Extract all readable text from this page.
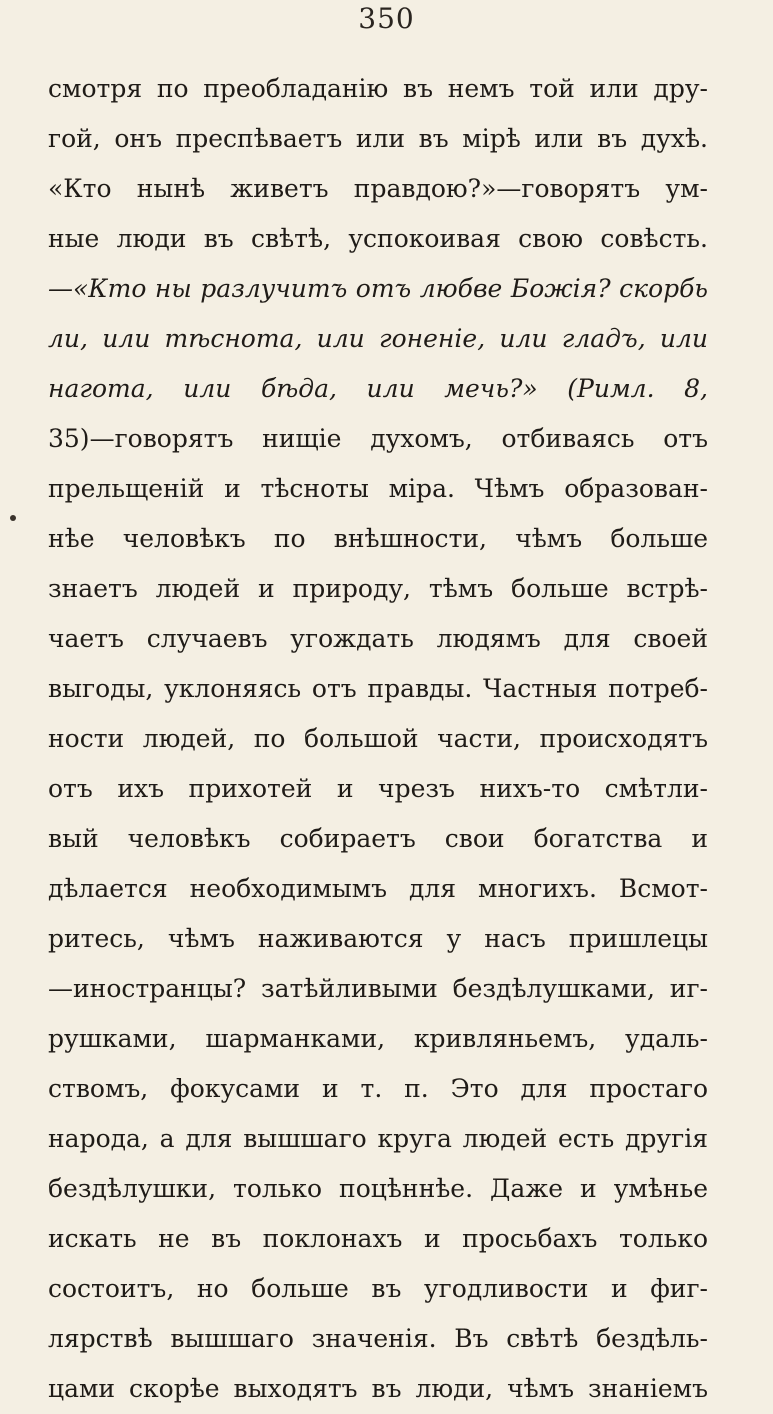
350
смотря по преобладанію въ немъ той или дру-
гой, онъ преспѣваетъ или въ мірѣ или въ духѣ.
«Кто нынѣ живетъ правдою?»—говорятъ ум-
ные люди въ свѣтѣ, успокоивая свою совѣсть.
—«Кто ны разлучитъ отъ любве Божія? скорбь
ли, или тѣснота, или гоненіе, или гладъ, или
нагота, или бѣда, или мечь?» (Римл. 8,
35)—говорятъ нищіе духомъ, отбиваясь отъ
прельщеній и тѣсноты міра. Чѣмъ образован-
нѣе человѣкъ по внѣшности, чѣмъ больше
знаетъ людей и природу, тѣмъ больше встрѣ-
чаетъ случаевъ угождать людямъ для своей
выгоды, уклоняясь отъ правды. Частныя потреб-
ности людей, по большой части, происходятъ
отъ ихъ прихотей и чрезъ нихъ-то смѣтли-
вый человѣкъ собираетъ свои богатства и
дѣлается необходимымъ для многихъ. Всмот-
ритесь, чѣмъ наживаются у насъ пришлецы
—иностранцы? затѣйливыми бездѣлушками, иг-
рушками, шарманками, кривляньемъ, удаль-
ствомъ, фокусами и т. п. Это для простаго
народа, а для вышшаго круга людей есть другія
бездѣлушки, только поцѣннѣе. Даже и умѣнье
искать не въ поклонахъ и просьбахъ только
состоитъ, но больше въ угодливости и фиг-
лярствѣ вышшаго значенія. Въ свѣтѣ бездѣль-
цами скорѣе выходятъ въ люди, чѣмъ знаніемъ
